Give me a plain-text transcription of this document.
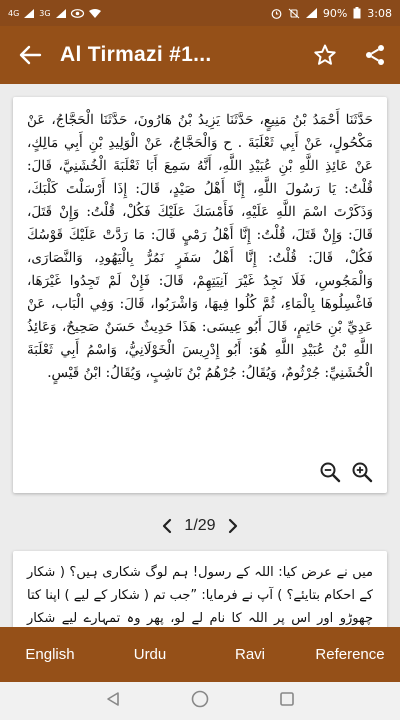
4G	3G	90% 3:08
Al Tirmazi #1...
حَدَّثَنَا أَحْمَدُ بْنُ مَنِيعٍ، حَدَّثَنَا يَزِيدُ بْنُ هَارُونَ، حَدَّثَنَا الْحَجَّاجُ، عَنْ مَكْحُولٍ، عَنْ أَبِي ثَعْلَبَةَ . ح وَالْحَجَّاجُ، عَنْ الْوَلِيدِ بْنِ أَبِي مَالِكٍ، عَنْ عَائِذِ اللَّهِ بْنِ عُبَيْدِ اللَّهِ، أَنَّهُ سَمِعَ أَبَا ثَعْلَبَةَ الْخُشَنِيَّ، قَالَ: قُلْتُ: يَا رَسُولَ اللَّهِ، إِنَّا أَهْلُ صَيْدٍ، قَالَ: إِذَا أَرْسَلْتَ كَلْبَكَ، وَذَكَرْتَ اسْمَ اللَّهِ عَلَيْهِ، فَأَمْسَكَ عَلَيْكَ فَكُلْ، قُلْتُ: وَإِنْ قَتَلَ، قَالَ: وَإِنْ قَتَلَ، قُلْتُ: إِنَّا أَهْلُ رَمْيٍ قَالَ: مَا رَدَّتْ عَلَيْكَ قَوْسُكَ فَكُلْ، قَالَ: قُلْتُ: إِنَّا أَهْلُ سَفَرٍ نَمُرُّ بِالْيَهُودِ، وَالنَّصَارَى، وَالْمَجُوسِ، فَلَا نَجِدُ غَيْرَ آنِيَتِهِمْ، قَالَ: فَإِنْ لَمْ تَجِدُوا غَيْرَهَا، فَاغْسِلُوهَا بِالْمَاءِ، ثُمَّ كُلُوا فِيهَا، وَاشْرَبُوا، قَالَ: وَفِي الْبَاب، عَنْ عَدِيِّ بْنِ حَاتِمٍ، قَالَ أَبُو عِيسَى: هَذَا حَدِيثٌ حَسَنٌ صَحِيحٌ، وَعَائِذُ اللَّهِ بْنُ عُبَيْدِ اللَّهِ هُوَ: أَبُو إِدْرِيسَ الْخَوْلَانِيُّ، وَاسْمُ أَبِي ثَعْلَبَةَ الْخُشَنِيِّ: جُرْثُومٌ، وَيُقَالُ: جُرْهُمُ بْنُ نَاشِبٍ، وَيُقَالُ: ابْنُ قَيْسٍ.
1/29
میں نے عرض کیا: اللہ کے رسول! ہم لوگ شکاری ہیں؟ ( شکار کے احکام بتایئے؟ ) آپ نے فرمایا: ”جب تم ( شکار کے لیے ) اپنا کتا چھوڑو اور اس پر اللہ کا نام لے لو، پھر وہ تمہارے لیے شکار
English	Urdu	Ravi	Reference
